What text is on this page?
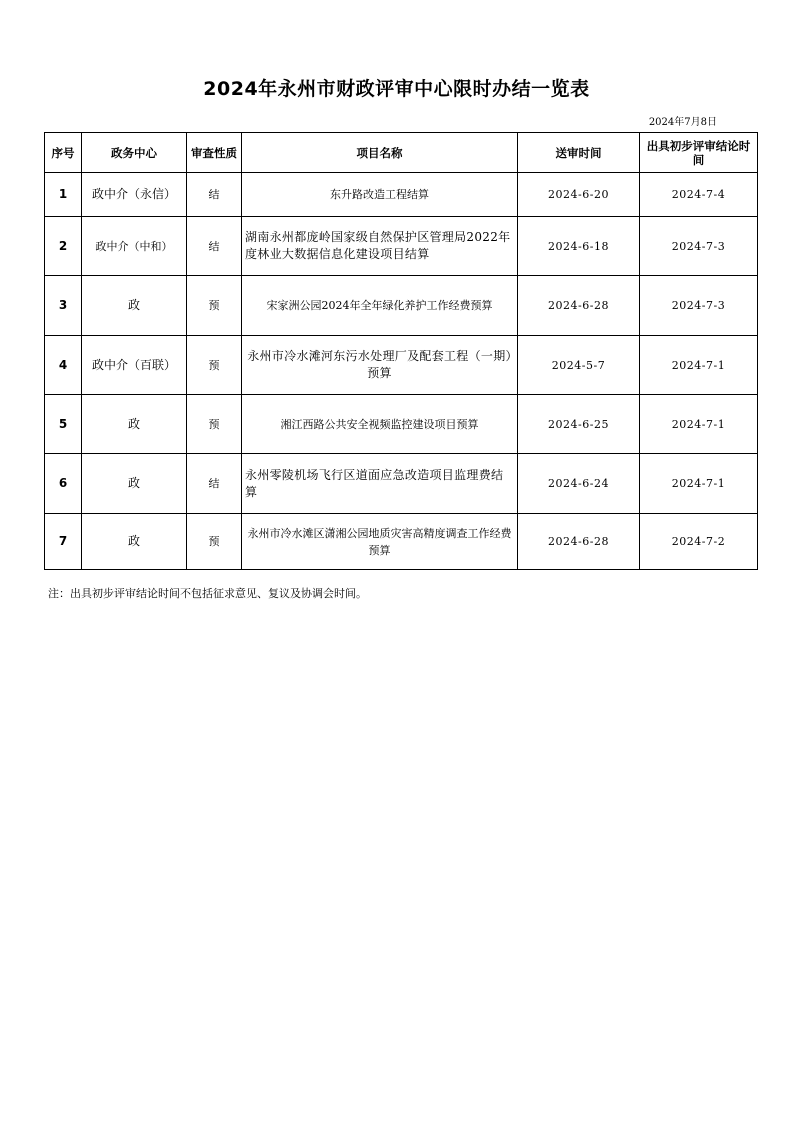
2024年永州市财政评审中心限时办结一览表
2024年7月8日
序号	政务中心	审查性质	项目名称	送审时间	出具初步评审结论时间
1	政中介（永信）	结	东升路改造工程结算	2024-6-20	2024-7-4
2	政中介（中和）	结	湖南永州都庞岭国家级自然保护区管理局2022年度林业大数据信息化建设项目结算	2024-6-18	2024-7-3
3	政	预	宋家洲公园2024年全年绿化养护工作经费预算	2024-6-28	2024-7-3
4	政中介（百联）	预	永州市冷水滩河东污水处理厂及配套工程（一期）预算	2024-5-7	2024-7-1
5	政	预	湘江西路公共安全视频监控建设项目预算	2024-6-25	2024-7-1
6	政	结	永州零陵机场飞行区道面应急改造项目监理费结算	2024-6-24	2024-7-1
7	政	预	永州市冷水滩区潇湘公园地质灾害高精度调查工作经费预算	2024-6-28	2024-7-2
注：出具初步评审结论时间不包括征求意见、复议及协调会时间。
